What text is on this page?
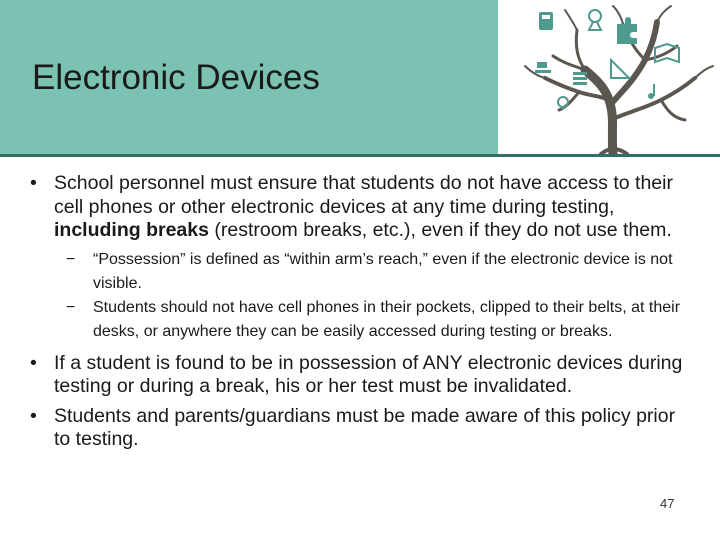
Electronic Devices
• School personnel must ensure that students do not have access to their cell phones or other electronic devices at any time during testing, including breaks (restroom breaks, etc.), even if they do not use them.
− “Possession” is defined as “within arm’s reach,” even if the electronic device is not visible.
− Students should not have cell phones in their pockets, clipped to their belts, at their desks, or anywhere they can be easily accessed during testing or breaks.
• If a student is found to be in possession of ANY electronic devices during testing or during a break, his or her test must be invalidated.
• Students and parents/guardians must be made aware of this policy prior to testing.
47
